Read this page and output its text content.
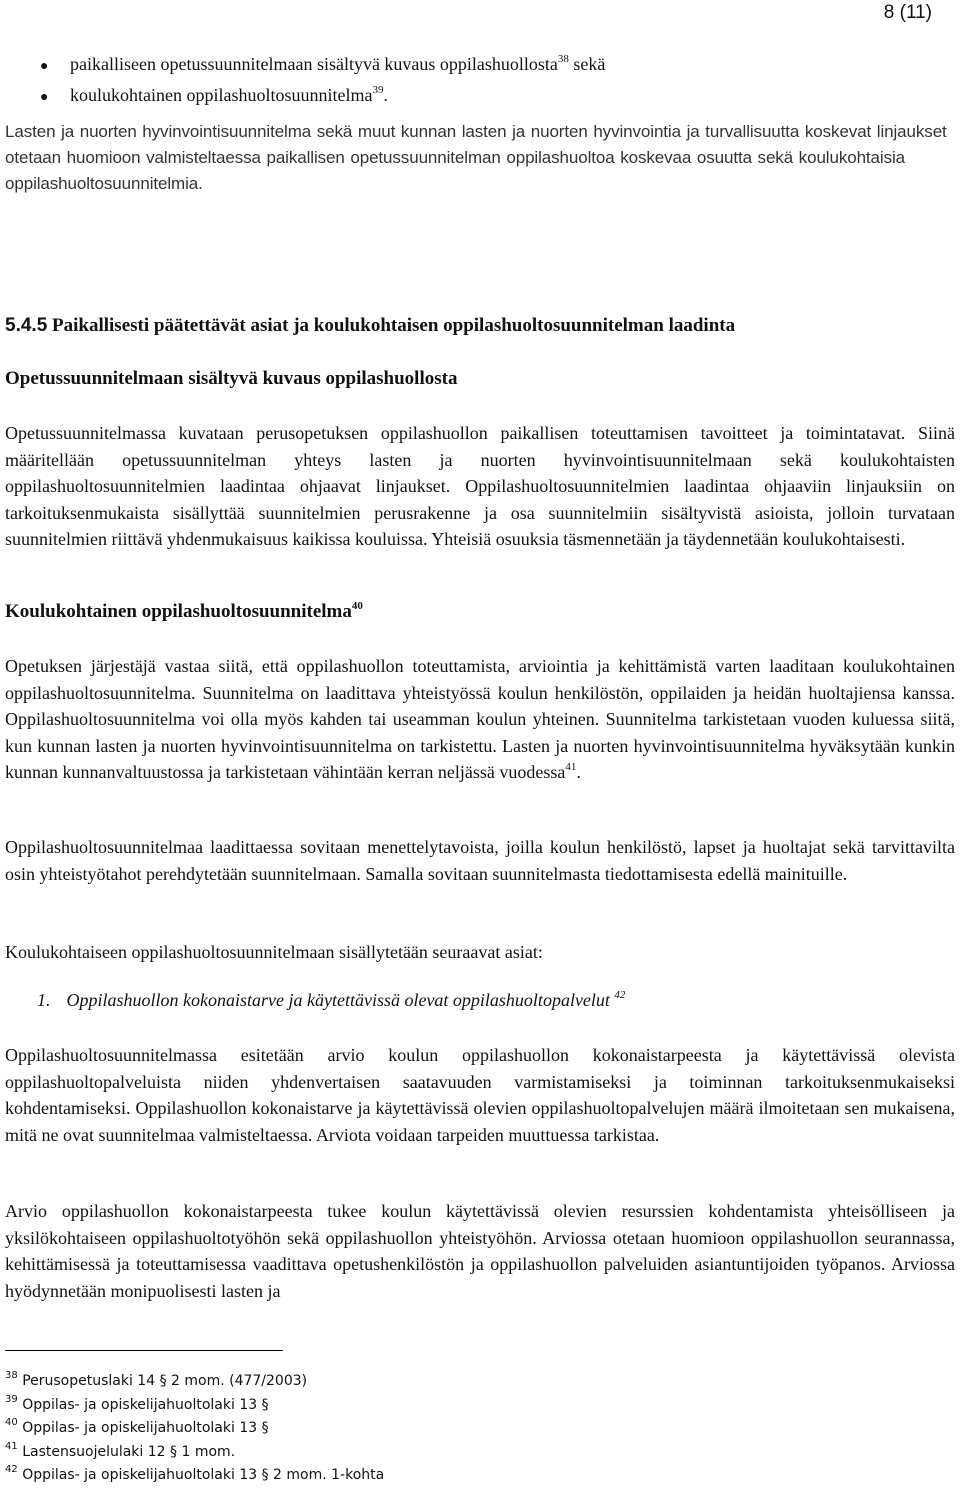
8 (11)
●	paikalliseen opetussuunnitelmaan sisältyvä kuvaus oppilashuollosta$^{38}$ sekä
●	koulukohtainen oppilashuoltosuunnitelma$^{39}$.
Lasten ja nuorten hyvinvointisuunnitelma sekä muut kunnan lasten ja nuorten hyvinvointia ja turvallisuutta koskevat linjaukset otetaan huomioon valmisteltaessa paikallisen opetussuunnitelman oppilashuoltoa koskevaa osuutta sekä koulukohtaisia oppilashuoltosuunnitelmia.
5.4.5 Paikallisesti päätettävät asiat ja koulukohtaisen oppilashuoltosuunnitelman laadinta
Opetussuunnitelmaan sisältyvä kuvaus oppilashuollosta

Opetussuunnitelmassa kuvataan perusopetuksen oppilashuollon paikallisen toteuttamisen tavoitteet ja toimintatavat. Siinä määritellään opetussuunnitelman yhteys lasten ja nuorten hyvinvointisuunnitelmaan sekä koulukohtaisten oppilashuoltosuunnitelmien laadintaa ohjaavat linjaukset. Oppilashuoltosuunnitelmien laadintaa ohjaaviin linjauksiin on tarkoituksenmukaista sisällyttää suunnitelmien perusrakenne ja osa suunnitelmiin sisältyvistä asioista, jolloin turvataan suunnitelmien riittävä yhdenmukaisuus kaikissa kouluissa. Yhteisiä osuuksia täsmennetään ja täydennetään koulukohtaisesti.

Koulukohtainen oppilashuoltosuunnitelma$^{40}$

Opetuksen järjestäjä vastaa siitä, että oppilashuollon toteuttamista, arviointia ja kehittämistä varten laaditaan koulukohtainen oppilashuoltosuunnitelma. Suunnitelma on laadittava yhteistyössä koulun henkilöstön, oppilaiden ja heidän huoltajiensa kanssa. Oppilashuoltosuunnitelma voi olla myös kahden tai useamman koulun yhteinen. Suunnitelma tarkistetaan vuoden kuluessa siitä, kun kunnan lasten ja nuorten hyvinvointisuunnitelma on tarkistettu. Lasten ja nuorten hyvinvointisuunnitelma hyväksytään kunkin kunnan kunnanvaltuustossa ja tarkistetaan vähintään kerran neljässä vuodessa$^{41}$.

Oppilashuoltosuunnitelmaa laadittaessa sovitaan menettelytavoista, joilla koulun henkilöstö, lapset ja huoltajat sekä tarvittavilta osin yhteistyötahot perehdytetään suunnitelmaan. Samalla sovitaan suunnitelmasta tiedottamisesta edellä mainituille.

Koulukohtaiseen oppilashuoltosuunnitelmaan sisällytetään seuraavat asiat:

1. Oppilashuollon kokonaistarve ja käytettävissä olevat oppilashuoltopalvelut $^{42}$

Oppilashuoltosuunnitelmassa esitetään arvio koulun oppilashuollon kokonaistarpeesta ja käytettävissä olevista oppilashuoltopalveluista niiden yhdenvertaisen saatavuuden varmistamiseksi ja toiminnan tarkoituksenmukaiseksi kohdentamiseksi. Oppilashuollon kokonaistarve ja käytettävissä olevien oppilashuoltopalvelujen määrä ilmoitetaan sen mukaisena, mitä ne ovat suunnitelmaa valmisteltaessa. Arviota voidaan tarpeiden muuttuessa tarkistaa.

Arvio oppilashuollon kokonaistarpeesta tukee koulun käytettävissä olevien resurssien kohdentamista yhteisölliseen ja yksilökohtaiseen oppilashuoltotyöhön sekä oppilashuollon yhteistyöhön. Arviossa otetaan huomioon oppilashuollon seurannassa, kehittämisessä ja toteuttamisessa vaadittava opetushenkilöstön ja oppilashuollon palveluiden asiantuntijoiden työpanos. Arviossa hyödynnetään monipuolisesti lasten ja

$^{38}$ Perusopetuslaki 14 § 2 mom. (477/2003)
$^{39}$ Oppilas- ja opiskelijahuoltolaki 13 §
$^{40}$ Oppilas- ja opiskelijahuoltolaki 13 §
$^{41}$ Lastensuojelulaki 12 § 1 mom.
$^{42}$ Oppilas- ja opiskelijahuoltolaki 13 § 2 mom. 1-kohta
